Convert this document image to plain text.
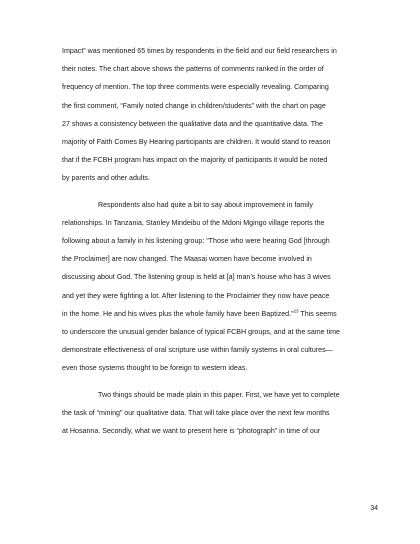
Impact” was mentioned 65 times by respondents in the field and our field researchers in
their notes. The chart above shows the patterns of comments ranked in the order of
frequency of mention. The top three comments were especially revealing. Comparing
the first comment, “Family noted change in children/students” with the chart on page
27 shows a consistency between the qualitative data and the quantitative data. The
majority of Faith Comes By Hearing participants are children. It would stand to reason
that if the FCBH program has impact on the majority of participants it would be noted
by parents and other adults.
Respondents also had quite a bit to say about improvement in family
relationships. In Tanzania, Stanley Mindeibu of the Mdoni Mgingo village reports the
following about a family in his listening group: “Those who were hearing God [through
the Proclaimer] are now changed. The Maasai women have become involved in
discussing about God. The listening group is held at [a] man’s house who has 3 wives
and yet they were fighting a lot. After listening to the Proclaimer they now have peace
in the home. He and his wives plus the whole family have been Baptized.”$^{23}$ This seems
to underscore the unusual gender balance of typical FCBH groups, and at the same time
demonstrate effectiveness of oral scripture use within family systems in oral cultures—
even those systems thought to be foreign to western ideas.
Two things should be made plain in this paper. First, we have yet to complete
the task of “mining” our qualitative data. That will take place over the next few months
at Hosanna. Secondly, what we want to present here is “photograph” in time of our
34
